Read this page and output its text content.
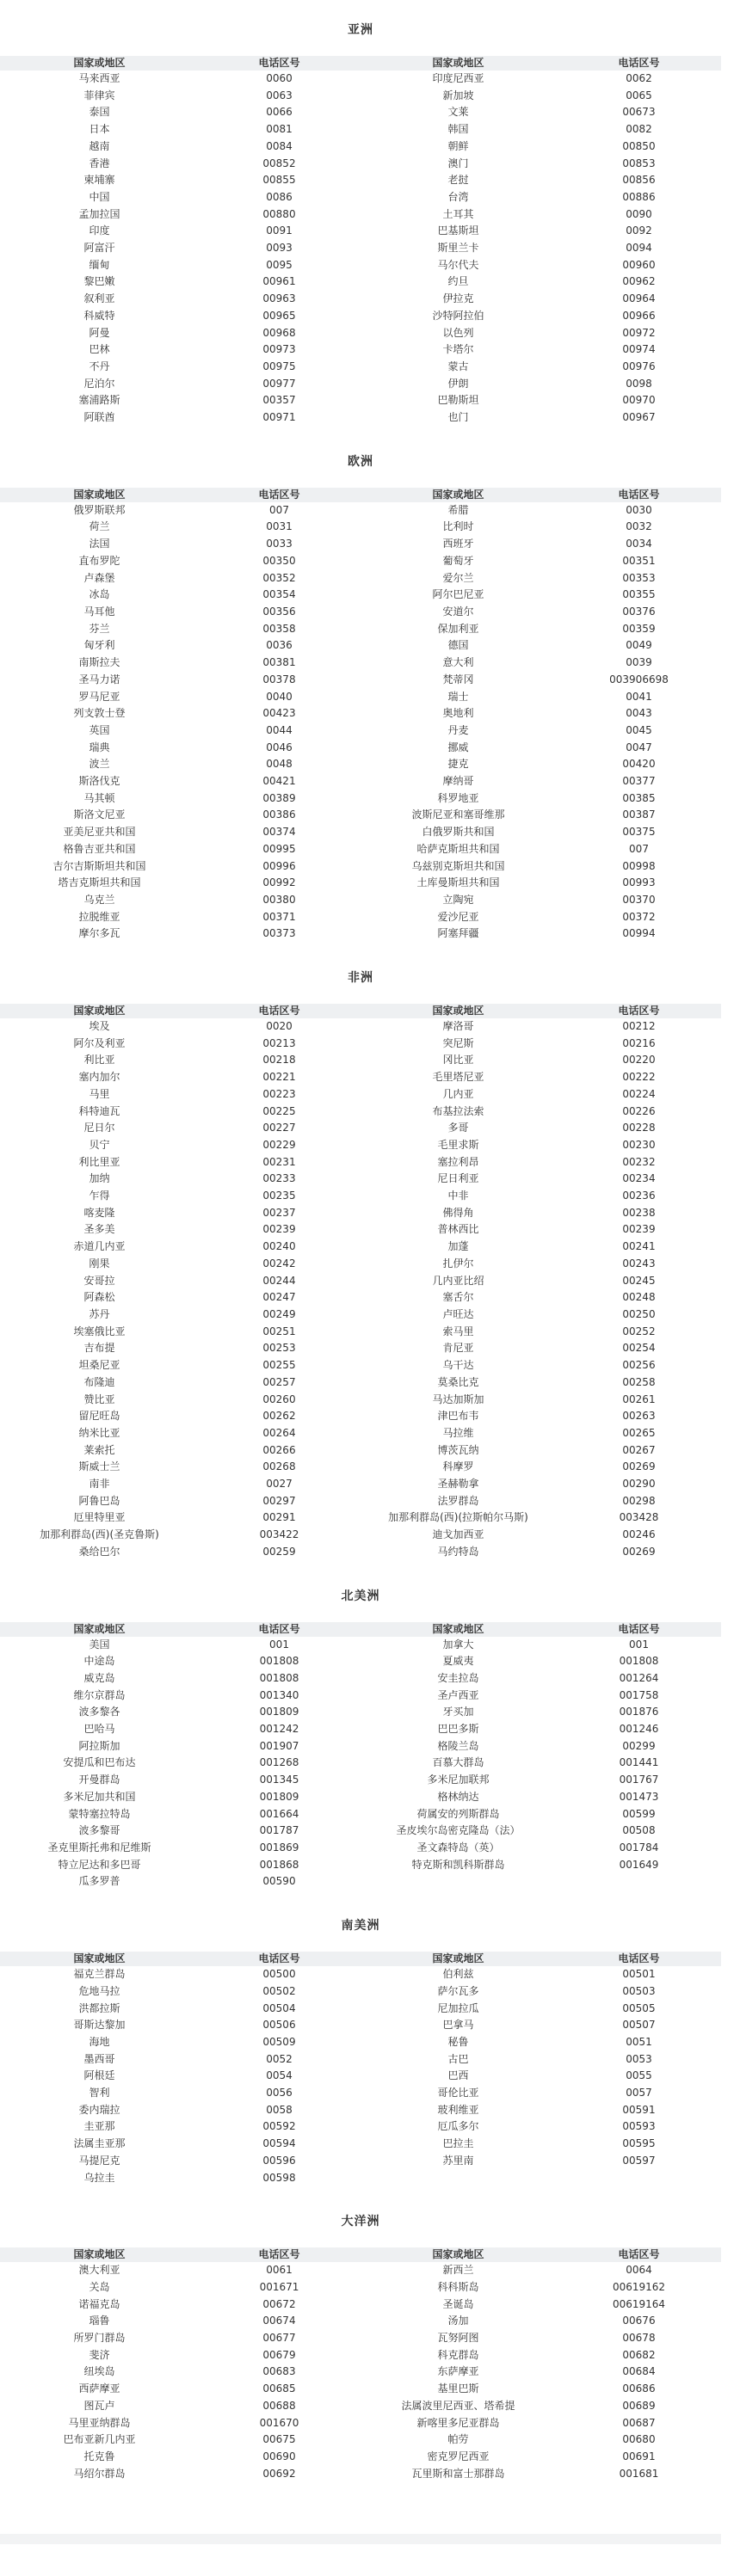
亚洲
国家或地区	电话区号	国家或地区	电话区号
马来西亚	0060	印度尼西亚	0062
菲律宾	0063	新加坡	0065
泰国	0066	文莱	00673
日本	0081	韩国	0082
越南	0084	朝鲜	00850
香港	00852	澳门	00853
柬埔寨	00855	老挝	00856
中国	0086	台湾	00886
孟加拉国	00880	土耳其	0090
印度	0091	巴基斯坦	0092
阿富汗	0093	斯里兰卡	0094
缅甸	0095	马尔代夫	00960
黎巴嫩	00961	约旦	00962
叙利亚	00963	伊拉克	00964
科威特	00965	沙特阿拉伯	00966
阿曼	00968	以色列	00972
巴林	00973	卡塔尔	00974
不丹	00975	蒙古	00976
尼泊尔	00977	伊朗	0098
塞浦路斯	00357	巴勒斯坦	00970
阿联酋	00971	也门	00967
欧洲
国家或地区	电话区号	国家或地区	电话区号
俄罗斯联邦	007	希腊	0030
荷兰	0031	比利时	0032
法国	0033	西班牙	0034
直布罗陀	00350	葡萄牙	00351
卢森堡	00352	爱尔兰	00353
冰岛	00354	阿尔巴尼亚	00355
马耳他	00356	安道尔	00376
芬兰	00358	保加利亚	00359
匈牙利	0036	德国	0049
南斯拉夫	00381	意大利	0039
圣马力诺	00378	梵蒂冈	003906698
罗马尼亚	0040	瑞士	0041
列支敦士登	00423	奥地利	0043
英国	0044	丹麦	0045
瑞典	0046	挪威	0047
波兰	0048	捷克	00420
斯洛伐克	00421	摩纳哥	00377
马其顿	00389	科罗地亚	00385
斯洛文尼亚	00386	波斯尼亚和塞哥维那	00387
亚美尼亚共和国	00374	白俄罗斯共和国	00375
格鲁吉亚共和国	00995	哈萨克斯坦共和国	007
吉尔吉斯斯坦共和国	00996	乌兹别克斯坦共和国	00998
塔吉克斯坦共和国	00992	土库曼斯坦共和国	00993
乌克兰	00380	立陶宛	00370
拉脱维亚	00371	爱沙尼亚	00372
摩尔多瓦	00373	阿塞拜疆	00994
非洲
国家或地区	电话区号	国家或地区	电话区号
埃及	0020	摩洛哥	00212
阿尔及利亚	00213	突尼斯	00216
利比亚	00218	冈比亚	00220
塞内加尔	00221	毛里塔尼亚	00222
马里	00223	几内亚	00224
科特迪瓦	00225	布基拉法索	00226
尼日尔	00227	多哥	00228
贝宁	00229	毛里求斯	00230
利比里亚	00231	塞拉利昂	00232
加纳	00233	尼日利亚	00234
乍得	00235	中非	00236
喀麦隆	00237	佛得角	00238
圣多美	00239	普林西比	00239
赤道几内亚	00240	加蓬	00241
刚果	00242	扎伊尔	00243
安哥拉	00244	几内亚比绍	00245
阿森松	00247	塞舌尔	00248
苏丹	00249	卢旺达	00250
埃塞俄比亚	00251	索马里	00252
吉布提	00253	肯尼亚	00254
坦桑尼亚	00255	乌干达	00256
布隆迪	00257	莫桑比克	00258
赞比亚	00260	马达加斯加	00261
留尼旺岛	00262	津巴布韦	00263
纳米比亚	00264	马拉维	00265
莱索托	00266	博茨瓦纳	00267
斯威士兰	00268	科摩罗	00269
南非	0027	圣赫勒拿	00290
阿鲁巴岛	00297	法罗群岛	00298
厄里特里亚	00291	加那利群岛(西)(拉斯帕尔马斯)	003428
加那利群岛(西)(圣克鲁斯)	003422	迪戈加西亚	00246
桑给巴尔	00259	马约特岛	00269
北美洲
国家或地区	电话区号	国家或地区	电话区号
美国	001	加拿大	001
中途岛	001808	夏威夷	001808
威克岛	001808	安圭拉岛	001264
维尔京群岛	001340	圣卢西亚	001758
波多黎各	001809	牙买加	001876
巴哈马	001242	巴巴多斯	001246
阿拉斯加	001907	格陵兰岛	00299
安提瓜和巴布达	001268	百慕大群岛	001441
开曼群岛	001345	多米尼加联邦	001767
多米尼加共和国	001809	格林纳达	001473
蒙特塞拉特岛	001664	荷属安的列斯群岛	00599
波多黎哥	001787	圣皮埃尔岛密克隆岛（法）	00508
圣克里斯托弗和尼维斯	001869	圣文森特岛（英）	001784
特立尼达和多巴哥	001868	特克斯和凯科斯群岛	001649
瓜多罗普	00590		
南美洲
国家或地区	电话区号	国家或地区	电话区号
福克兰群岛	00500	伯利兹	00501
危地马拉	00502	萨尔瓦多	00503
洪都拉斯	00504	尼加拉瓜	00505
哥斯达黎加	00506	巴拿马	00507
海地	00509	秘鲁	0051
墨西哥	0052	古巴	0053
阿根廷	0054	巴西	0055
智利	0056	哥伦比亚	0057
委内瑞拉	0058	玻利维亚	00591
圭亚那	00592	厄瓜多尔	00593
法属圭亚那	00594	巴拉圭	00595
马提尼克	00596	苏里南	00597
乌拉圭	00598		
大洋洲
国家或地区	电话区号	国家或地区	电话区号
澳大利亚	0061	新西兰	0064
关岛	001671	科科斯岛	00619162
诺福克岛	00672	圣诞岛	00619164
瑙鲁	00674	汤加	00676
所罗门群岛	00677	瓦努阿图	00678
斐济	00679	科克群岛	00682
纽埃岛	00683	东萨摩亚	00684
西萨摩亚	00685	基里巴斯	00686
图瓦卢	00688	法属波里尼西亚、塔希提	00689
马里亚纳群岛	001670	新喀里多尼亚群岛	00687
巴布亚新几内亚	00675	帕劳	00680
托克鲁	00690	密克罗尼西亚	00691
马绍尔群岛	00692	瓦里斯和富士那群岛	001681
